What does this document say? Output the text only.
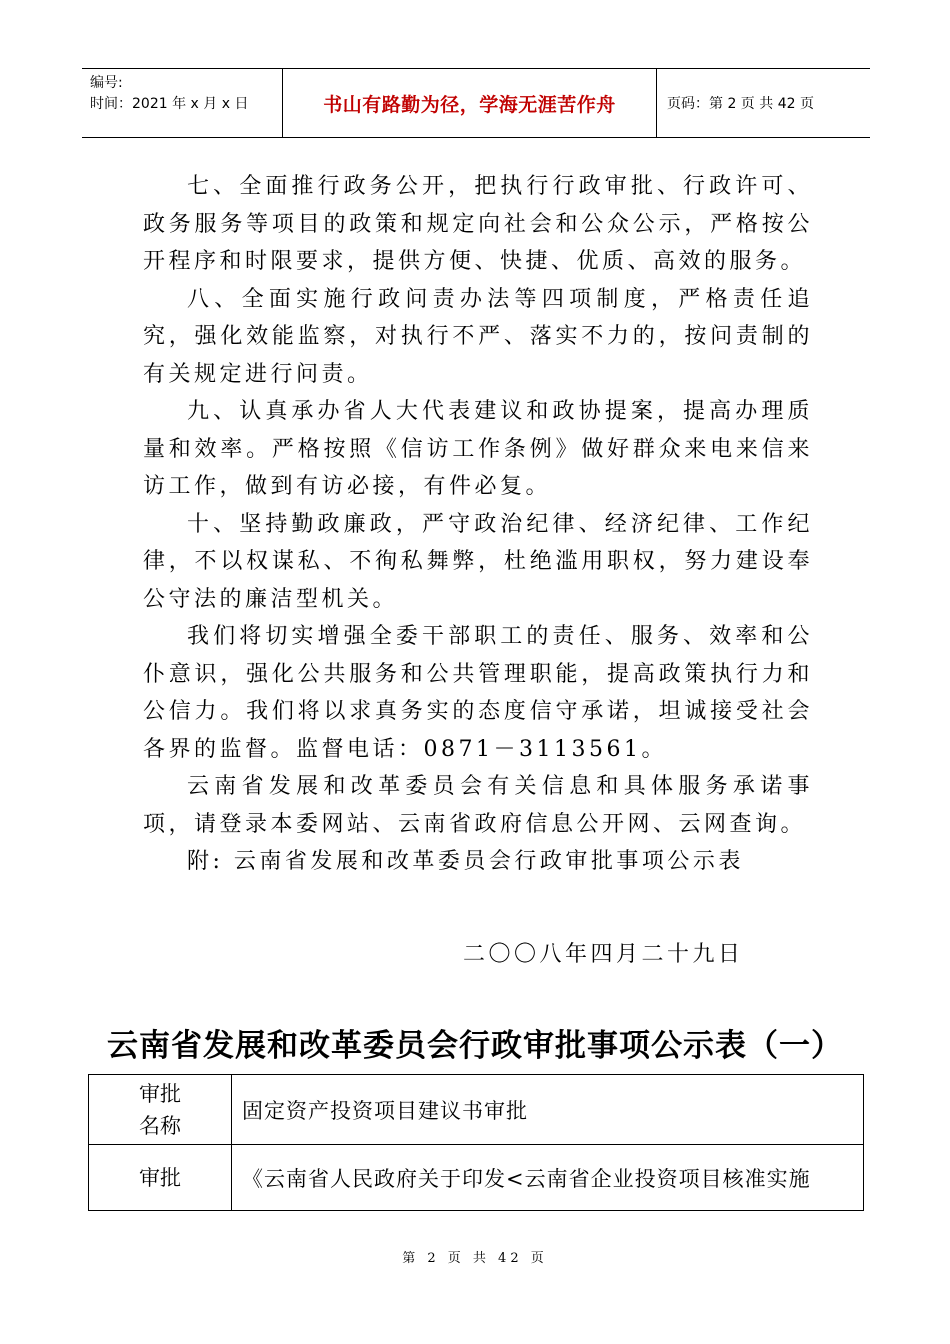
编号:
时间：2021 年 x 月 x 日	书山有路勤为径，学海无涯苦作舟	页码：第 2 页 共 42 页

七、全面推行政务公开，把执行行政审批、行政许可、政务服务等项目的政策和规定向社会和公众公示，严格按公开程序和时限要求，提供方便、快捷、优质、高效的服务。

八、全面实施行政问责办法等四项制度，严格责任追究，强化效能监察，对执行不严、落实不力的，按问责制的有关规定进行问责。

九、认真承办省人大代表建议和政协提案，提高办理质量和效率。严格按照《信访工作条例》做好群众来电来信来访工作，做到有访必接，有件必复。

十、坚持勤政廉政，严守政治纪律、经济纪律、工作纪律，不以权谋私、不徇私舞弊，杜绝滥用职权，努力建设奉公守法的廉洁型机关。

我们将切实增强全委干部职工的责任、服务、效率和公仆意识，强化公共服务和公共管理职能，提高政策执行力和公信力。我们将以求真务实的态度信守承诺，坦诚接受社会各界的监督。监督电话：0871－3113561。

云南省发展和改革委员会有关信息和具体服务承诺事项，请登录本委网站、云南省政府信息公开网、云网查询。

附: 云南省发展和改革委员会行政审批事项公示表

二〇〇八年四月二十九日
云南省发展和改革委员会行政审批事项公示表（一）
审批名称	固定资产投资项目建议书审批
审批	《云南省人民政府关于印发<云南省企业投资项目核准实施
第 2 页 共 42 页
